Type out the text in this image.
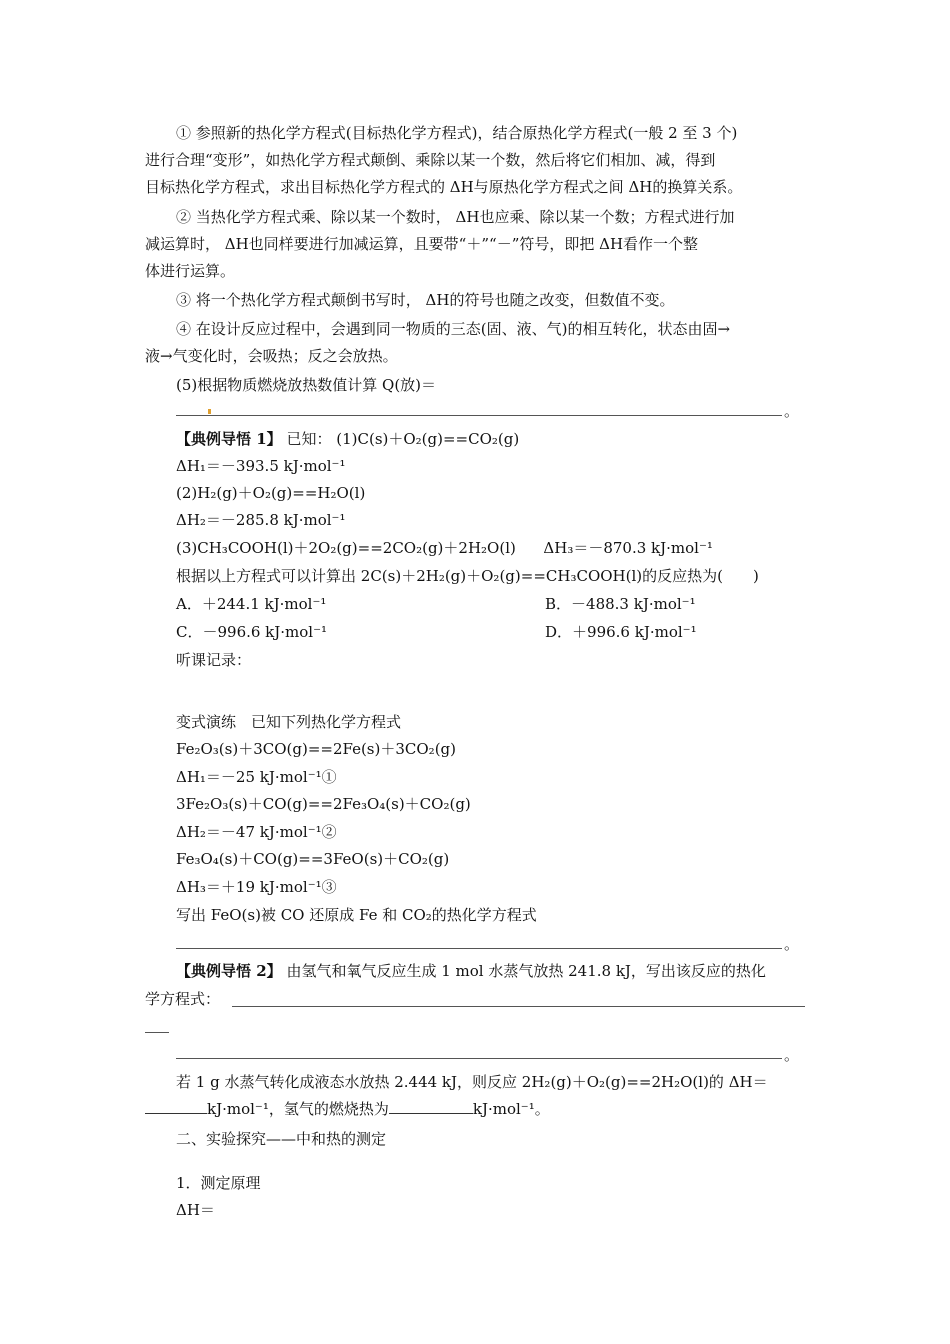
① 参照新的热化学方程式(目标热化学方程式)，结合原热化学方程式(一般 2 至 3 个)
进行合理“变形”，如热化学方程式颠倒、乘除以某一个数，然后将它们相加、减，得到
目标热化学方程式，求出目标热化学方程式的 ΔH与原热化学方程式之间 ΔH的换算关系。
② 当热化学方程式乘、除以某一个数时， ΔH也应乘、除以某一个数；方程式进行加
减运算时， ΔH也同样要进行加减运算，且要带“＋”“－”符号，即把 ΔH看作一个整
体进行运算。
③ 将一个热化学方程式颠倒书写时， ΔH的符号也随之改变，但数值不变。
④ 在设计反应过程中，会遇到同一物质的三态(固、液、气)的相互转化，状态由固→
液→气变化时，会吸热；反之会放热。
(5)根据物质燃烧放热数值计算 Q(放)＝
。
【典例导悟 1】 已知： (1)C(s)＋O₂(g)==CO₂(g)
ΔH₁＝－393.5 kJ·mol⁻¹
(2)H₂(g)＋O₂(g)==H₂O(l)
ΔH₂＝－285.8 kJ·mol⁻¹
(3)CH₃COOH(l)＋2O₂(g)==2CO₂(g)＋2H₂O(l) ΔH₃＝－870.3 kJ·mol⁻¹
根据以上方程式可以计算出 2C(s)＋2H₂(g)＋O₂(g)==CH₃COOH(l)的反应热为(　　)
A．＋244.1 kJ·mol⁻¹	B．－488.3 kJ·mol⁻¹
C．－996.6 kJ·mol⁻¹	D．＋996.6 kJ·mol⁻¹
听课记录：
变式演练　已知下列热化学方程式
Fe₂O₃(s)＋3CO(g)==2Fe(s)＋3CO₂(g)
ΔH₁＝－25 kJ·mol⁻¹①
3Fe₂O₃(s)＋CO(g)==2Fe₃O₄(s)＋CO₂(g)
ΔH₂＝－47 kJ·mol⁻¹②
Fe₃O₄(s)＋CO(g)==3FeO(s)＋CO₂(g)
ΔH₃＝＋19 kJ·mol⁻¹③
写出 FeO(s)被 CO 还原成 Fe 和 CO₂的热化学方程式
。
【典例导悟 2】 由氢气和氧气反应生成 1 mol 水蒸气放热 241.8 kJ，写出该反应的热化
学方程式：
。
若 1 g 水蒸气转化成液态水放热 2.444 kJ，则反应 2H₂(g)＋O₂(g)==2H₂O(l)的 ΔH＝
kJ·mol⁻¹，氢气的燃烧热为	kJ·mol⁻¹。
二、实验探究——中和热的测定
1．测定原理
ΔH＝
